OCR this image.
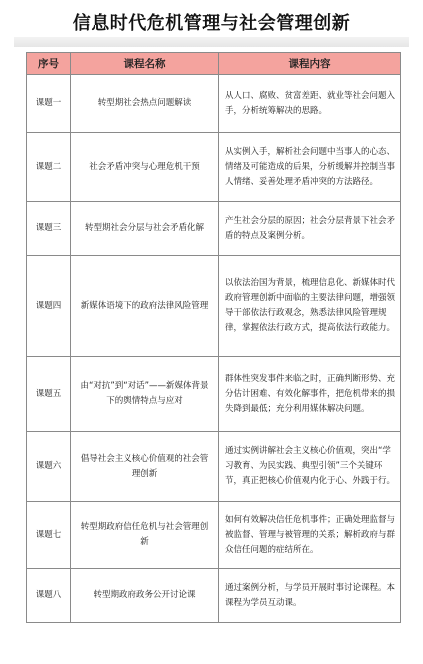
信息时代危机管理与社会管理创新
序号	课程名称	课程内容
课题一	转型期社会热点问题解读	从人口、腐败、贫富差距、就业等社会问题入手，分析统筹解决的思路。
课题二	社会矛盾冲突与心理危机干预	从实例入手，解析社会问题中当事人的心态、情绪及可能造成的后果，分析缓解并控制当事人情绪、妥善处理矛盾冲突的方法路径。
课题三	转型期社会分层与社会矛盾化解	产生社会分层的原因；社会分层背景下社会矛盾的特点及案例分析。
课题四	新媒体语境下的政府法律风险管理	以依法治国为背景，梳理信息化、新媒体时代政府管理创新中面临的主要法律问题，增强领导干部依法行政观念，熟悉法律风险管理规律，掌握依法行政方式，提高依法行政能力。
课题五	由“对抗”到“对话”——新媒体背景下的舆情特点与应对	群体性突发事件来临之时，正确判断形势、充分估计困难、有效化解事件，把危机带来的损失降到最低；充分利用媒体解决问题。
课题六	倡导社会主义核心价值观的社会管理创新	通过实例讲解社会主义核心价值观，突出“学习教育、为民实践、典型引领”三个关键环节，真正把核心价值观内化于心、外践于行。
课题七	转型期政府信任危机与社会管理创新	如何有效解决信任危机事件；正确处理监督与被监督、管理与被管理的关系；解析政府与群众信任问题的症结所在。
课题八	转型期政府政务公开讨论课	通过案例分析，与学员开展时事讨论课程。本课程为学员互动课。
